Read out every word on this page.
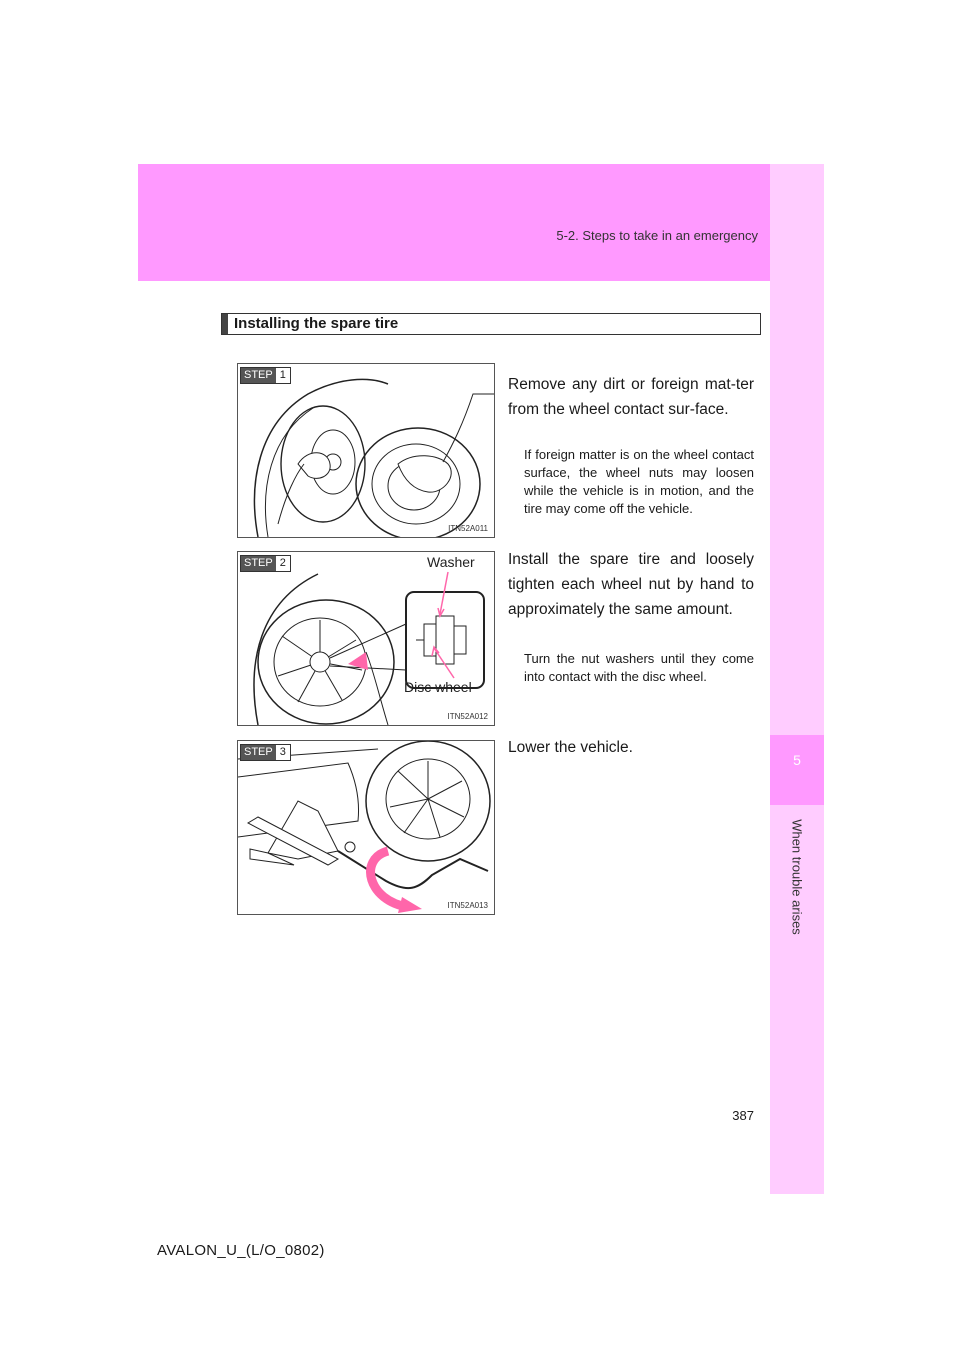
5-2. Steps to take in an emergency
5
When trouble arises
Installing the spare tire
STEP 1
ITN52A011
Remove any dirt or foreign mat-ter from the wheel contact sur-face.
If foreign matter is on the wheel contact surface, the wheel nuts may loosen while the vehicle is in motion, and the tire may come off the vehicle.
STEP 2	Washer
Disc wheel
ITN52A012
Install the spare tire and loosely tighten each wheel nut by hand to approximately the same amount.
Turn the nut washers until they come into contact with the disc wheel.
STEP 3
ITN52A013
Lower the vehicle.
387
AVALON_U_(L/O_0802)
